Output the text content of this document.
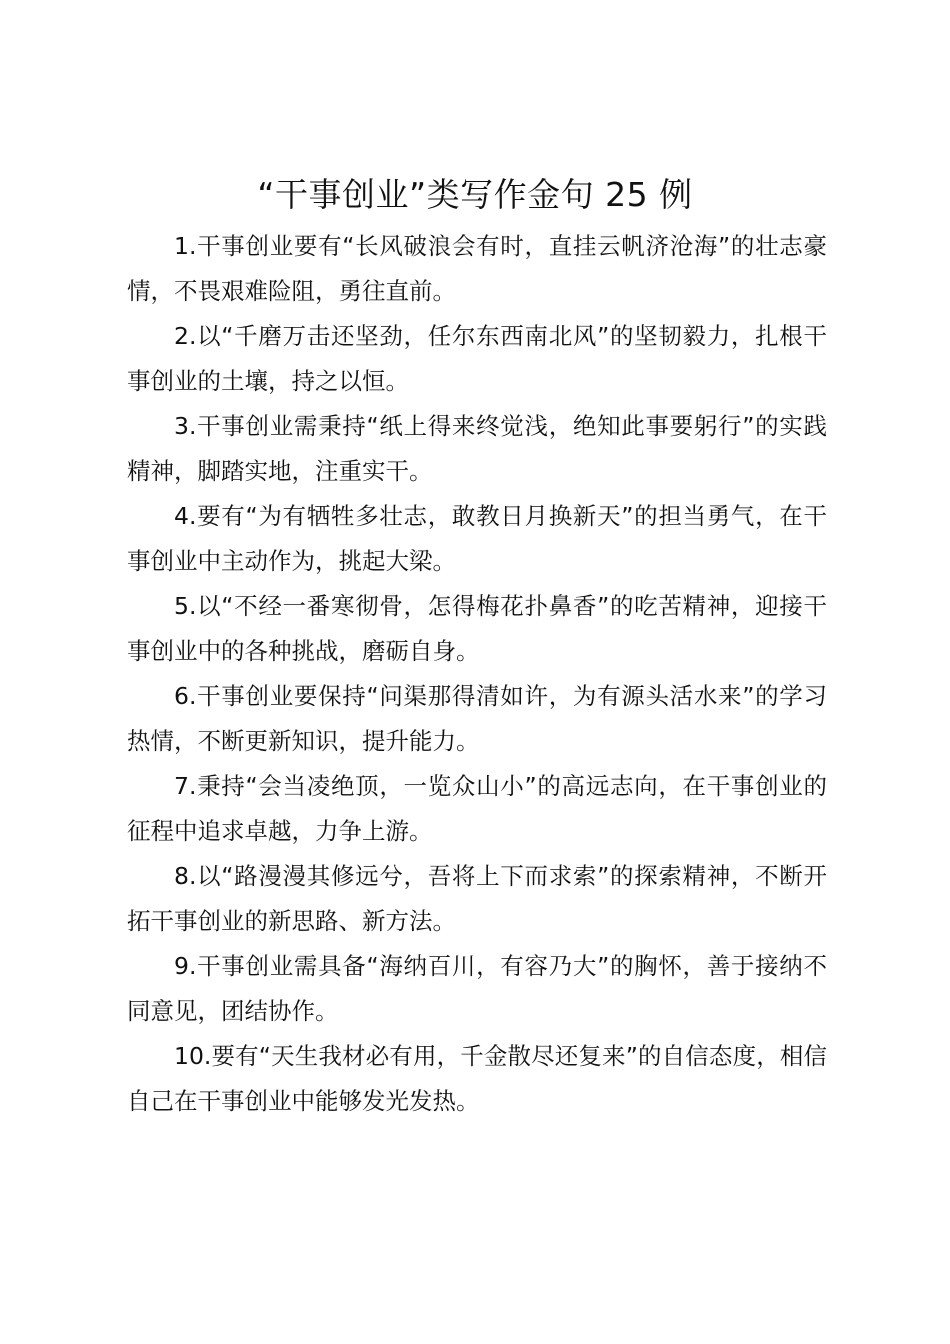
“干事创业”类写作金句 25 例

1.干事创业要有“长风破浪会有时，直挂云帆济沧海”的壮志豪情，不畏艰难险阻，勇往直前。

2.以“千磨万击还坚劲，任尔东西南北风”的坚韧毅力，扎根干事创业的土壤，持之以恒。

3.干事创业需秉持“纸上得来终觉浅，绝知此事要躬行”的实践精神，脚踏实地，注重实干。

4.要有“为有牺牲多壮志，敢教日月换新天”的担当勇气，在干事创业中主动作为，挑起大梁。

5.以“不经一番寒彻骨，怎得梅花扑鼻香”的吃苦精神，迎接干事创业中的各种挑战，磨砺自身。

6.干事创业要保持“问渠那得清如许，为有源头活水来”的学习热情，不断更新知识，提升能力。

7.秉持“会当凌绝顶，一览众山小”的高远志向，在干事创业的征程中追求卓越，力争上游。

8.以“路漫漫其修远兮，吾将上下而求索”的探索精神，不断开拓干事创业的新思路、新方法。

9.干事创业需具备“海纳百川，有容乃大”的胸怀，善于接纳不同意见，团结协作。

10.要有“天生我材必有用，千金散尽还复来”的自信态度，相信自己在干事创业中能够发光发热。
